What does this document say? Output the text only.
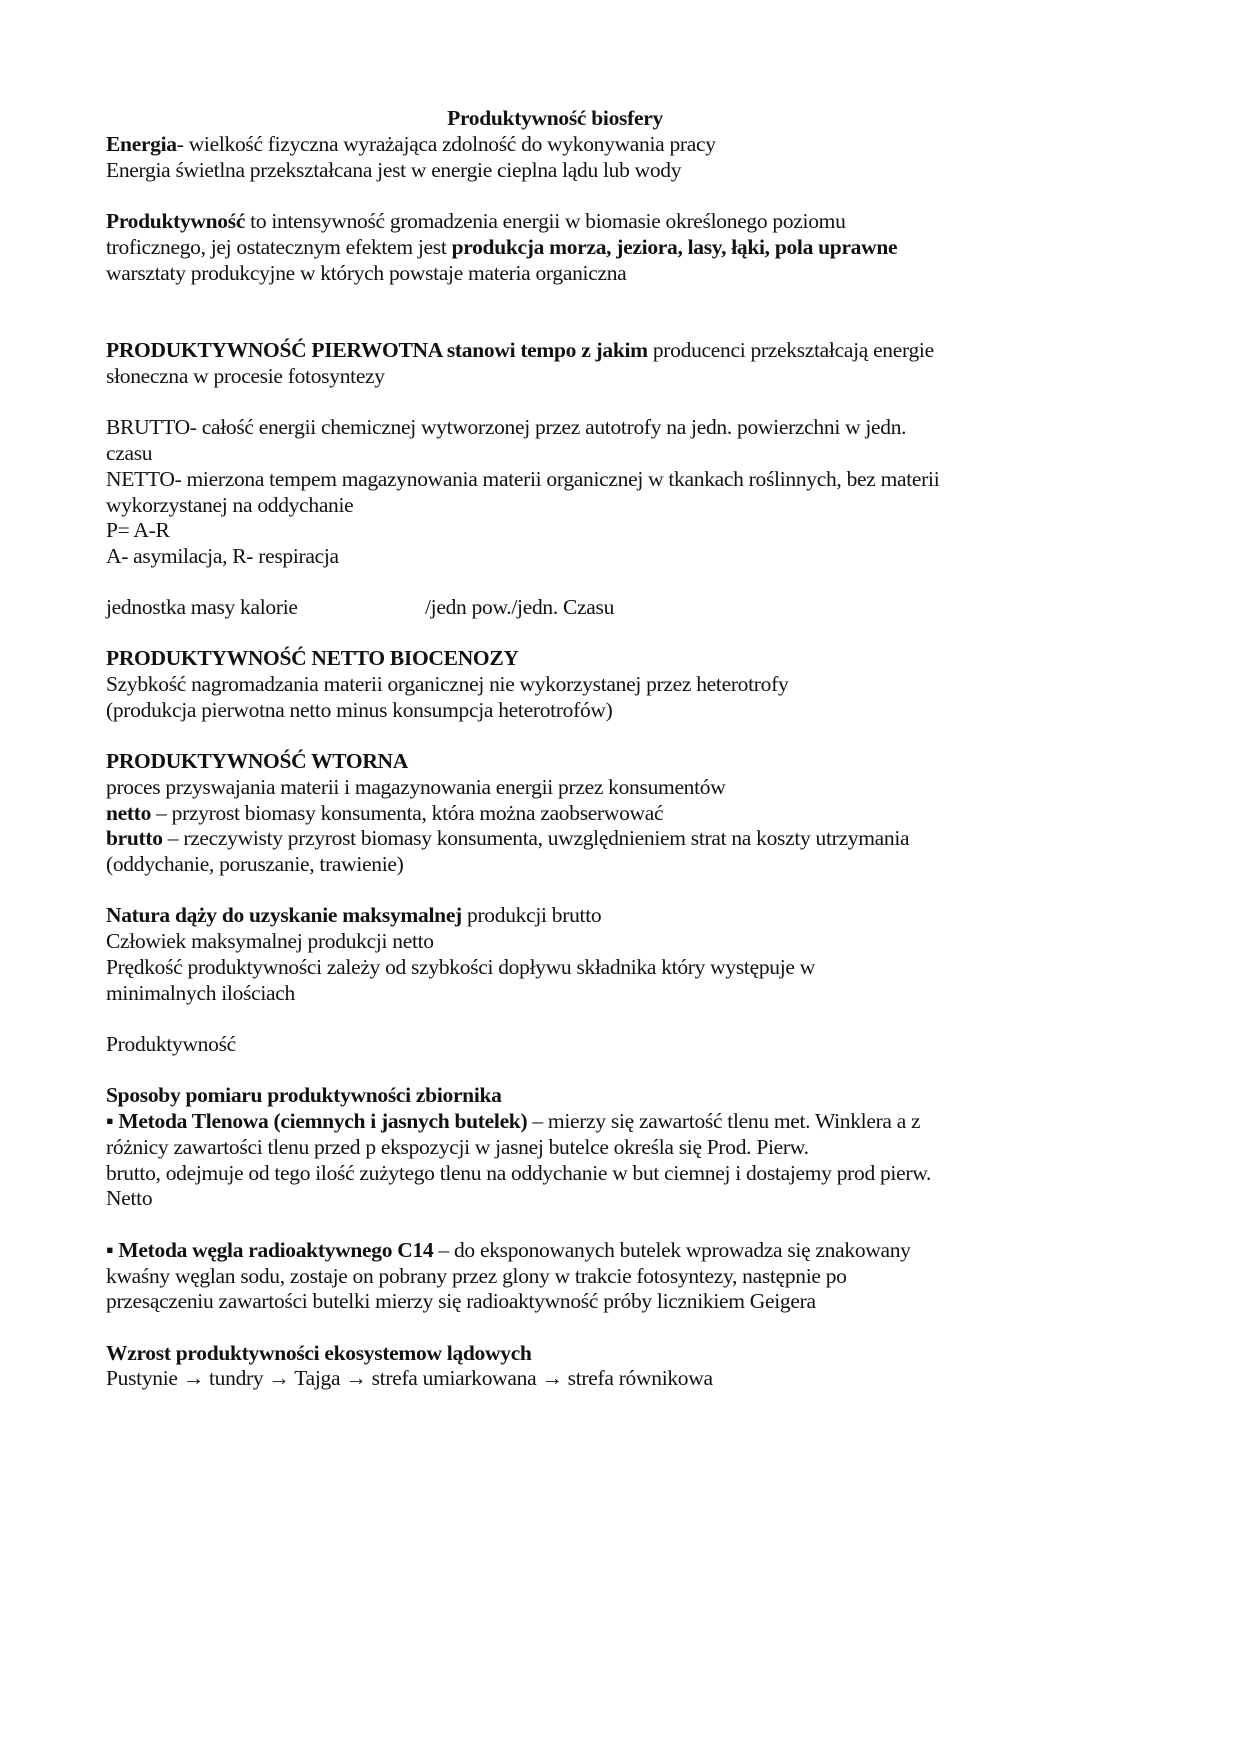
Produktywność biosfery
Energia- wielkość fizyczna wyrażająca zdolność do wykonywania pracy
Energia świetlna przekształcana jest w energie cieplna lądu lub wody
Produktywność to intensywność gromadzenia energii w biomasie określonego poziomu
troficznego, jej ostatecznym efektem jest produkcja morza, jeziora, lasy, łąki, pola uprawne
warsztaty produkcyjne w których powstaje materia organiczna
PRODUKTYWNOŚĆ PIERWOTNA stanowi tempo z jakim producenci przekształcają energie
słoneczna w procesie fotosyntezy
BRUTTO- całość energii chemicznej wytworzonej przez autotrofy na jedn. powierzchni w jedn.
czasu
NETTO- mierzona tempem magazynowania materii organicznej w tkankach roślinnych, bez materii
wykorzystanej na oddychanie
P= A-R
A- asymilacja, R- respiracja
jednostka masy kalorie	/jedn pow./jedn. Czasu
PRODUKTYWNOŚĆ NETTO BIOCENOZY
Szybkość nagromadzania materii organicznej nie wykorzystanej przez heterotrofy
(produkcja pierwotna netto minus konsumpcja heterotrofów)
PRODUKTYWNOŚĆ WTORNA
proces przyswajania materii i magazynowania energii przez konsumentów
netto – przyrost biomasy konsumenta, która można zaobserwować
brutto – rzeczywisty przyrost biomasy konsumenta, uwzględnieniem strat na koszty utrzymania
(oddychanie, poruszanie, trawienie)
Natura dąży do uzyskanie maksymalnej produkcji brutto
Człowiek maksymalnej produkcji netto
Prędkość produktywności zależy od szybkości dopływu składnika który występuje w
minimalnych ilościach
Produktywność
Sposoby pomiaru produktywności zbiornika
▪ Metoda Tlenowa (ciemnych i jasnych butelek) – mierzy się zawartość tlenu met. Winklera a z
różnicy zawartości tlenu przed p ekspozycji w jasnej butelce określa się Prod. Pierw.
brutto, odejmuje od tego ilość zużytego tlenu na oddychanie w but ciemnej i dostajemy prod pierw.
Netto
▪ Metoda węgla radioaktywnego C14 – do eksponowanych butelek wprowadza się znakowany
kwaśny węglan sodu, zostaje on pobrany przez glony w trakcie fotosyntezy, następnie po
przesączeniu zawartości butelki mierzy się radioaktywność próby licznikiem Geigera
Wzrost produktywności ekosystemow lądowych
Pustynie → tundry → Tajga → strefa umiarkowana → strefa równikowa
